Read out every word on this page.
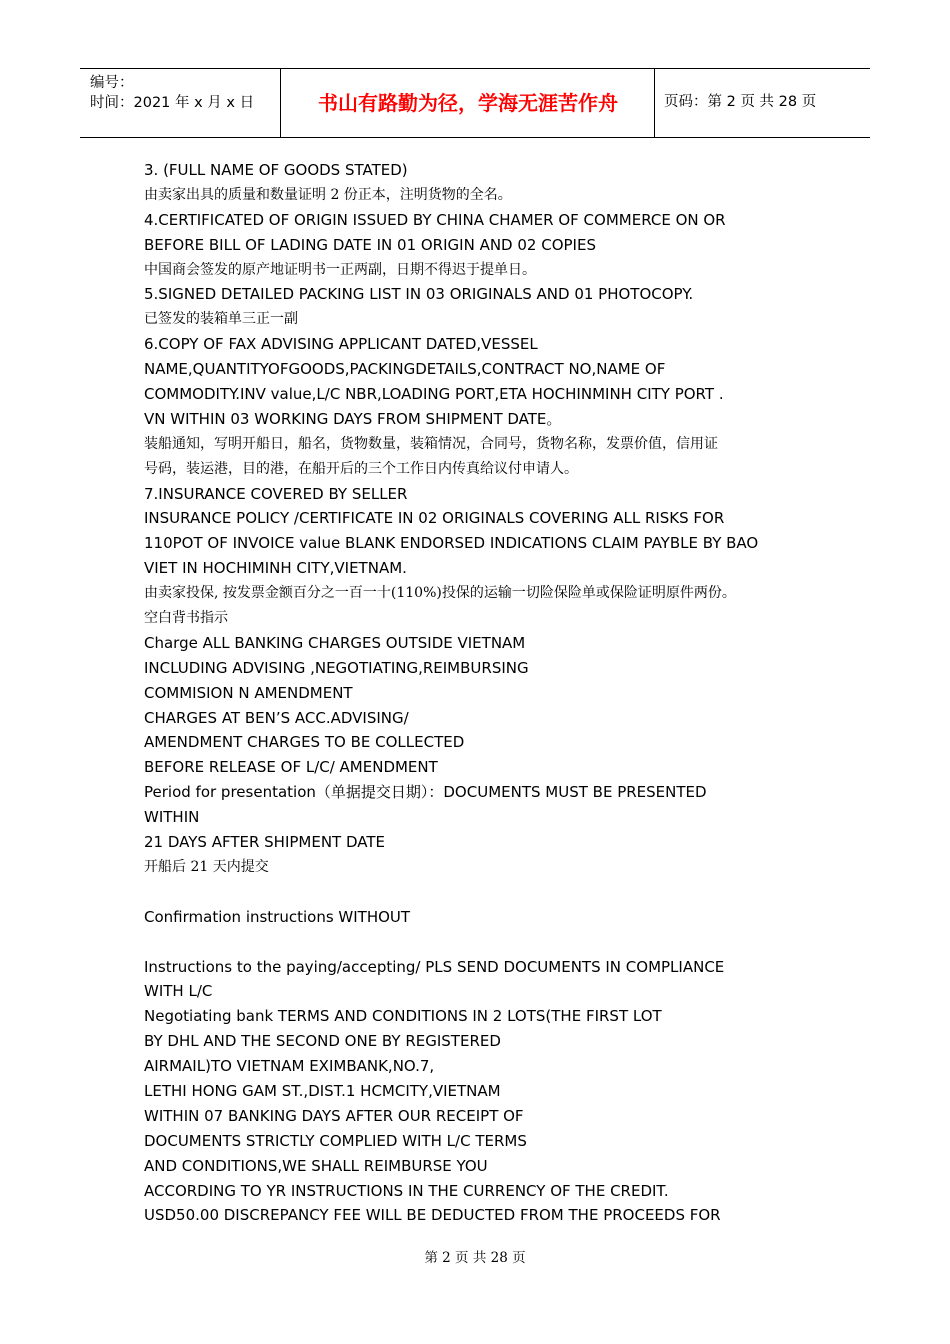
编号：
时间：2021 年 x 月 x 日	书山有路勤为径，学海无涯苦作舟	页码：第 2 页 共 28 页
3. (FULL NAME OF GOODS STATED)
由卖家出具的质量和数量证明 2 份正本，注明货物的全名。
4.CERTIFICATED OF ORIGIN ISSUED BY CHINA CHAMER OF COMMERCE ON OR
BEFORE BILL OF LADING DATE IN 01 ORIGIN AND 02 COPIES
中国商会签发的原产地证明书一正两副，日期不得迟于提单日。
5.SIGNED DETAILED PACKING LIST IN 03 ORIGINALS AND 01 PHOTOCOPY.
已签发的装箱单三正一副
6.COPY OF FAX ADVISING APPLICANT DATED,VESSEL
NAME,QUANTITYOFGOODS,PACKINGDETAILS,CONTRACT NO,NAME OF
COMMODITY.INV value,L/C NBR,LOADING PORT,ETA HOCHINMINH CITY PORT .
VN WITHIN 03 WORKING DAYS FROM SHIPMENT DATE。
装船通知，写明开船日，船名，货物数量，装箱情况，合同号，货物名称，发票价值，信用证
号码，装运港，目的港，在船开后的三个工作日内传真给议付申请人。
7.INSURANCE COVERED BY SELLER
INSURANCE POLICY /CERTIFICATE IN 02 ORIGINALS COVERING ALL RISKS FOR
110POT OF INVOICE value BLANK ENDORSED INDICATIONS CLAIM PAYBLE BY BAO
VIET IN HOCHIMINH CITY,VIETNAM.
由卖家投保, 按发票金额百分之一百一十(110%)投保的运输一切险保险单或保险证明原件两份。
空白背书指示
Charge ALL BANKING CHARGES OUTSIDE VIETNAM
INCLUDING ADVISING ,NEGOTIATING,REIMBURSING
COMMISION N AMENDMENT
CHARGES AT BEN’S ACC.ADVISING/
AMENDMENT CHARGES TO BE COLLECTED
BEFORE RELEASE OF L/C/ AMENDMENT
Period for presentation（单据提交日期）：DOCUMENTS MUST BE PRESENTED
WITHIN
21 DAYS AFTER SHIPMENT DATE
开船后 21 天内提交

Confirmation instructions WITHOUT

Instructions to the paying/accepting/ PLS SEND DOCUMENTS IN COMPLIANCE
WITH L/C
Negotiating bank TERMS AND CONDITIONS IN 2 LOTS(THE FIRST LOT
BY DHL AND THE SECOND ONE BY REGISTERED
AIRMAIL)TO VIETNAM EXIMBANK,NO.7,
LETHI HONG GAM ST.,DIST.1 HCMCITY,VIETNAM
WITHIN 07 BANKING DAYS AFTER OUR RECEIPT OF
DOCUMENTS STRICTLY COMPLIED WITH L/C TERMS
AND CONDITIONS,WE SHALL REIMBURSE YOU
ACCORDING TO YR INSTRUCTIONS IN THE CURRENCY OF THE CREDIT.
USD50.00 DISCREPANCY FEE WILL BE DEDUCTED FROM THE PROCEEDS FOR
第 2 页 共 28 页
